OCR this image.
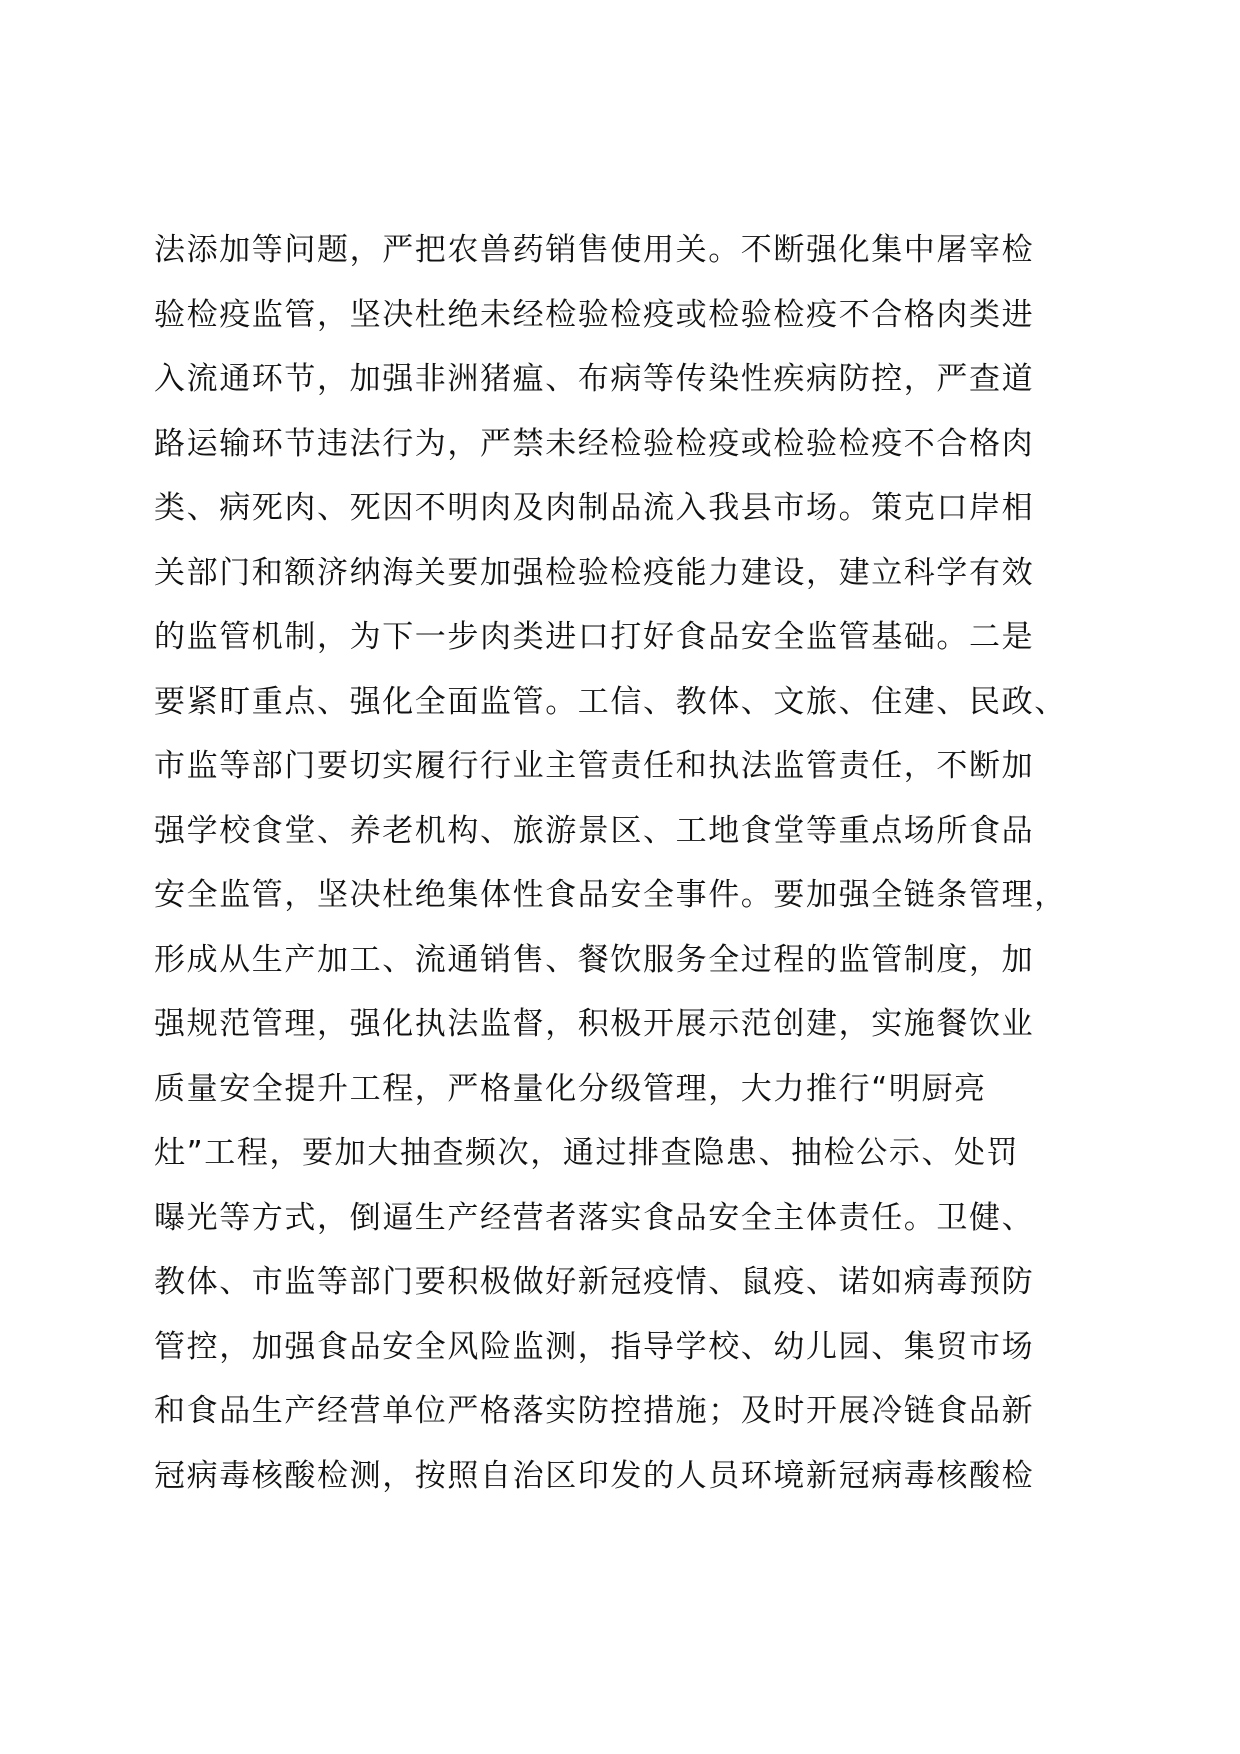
法添加等问题，严把农兽药销售使用关。不断强化集中屠宰检
验检疫监管，坚决杜绝未经检验检疫或检验检疫不合格肉类进
入流通环节，加强非洲猪瘟、布病等传染性疾病防控，严查道
路运输环节违法行为，严禁未经检验检疫或检验检疫不合格肉
类、病死肉、死因不明肉及肉制品流入我县市场。策克口岸相
关部门和额济纳海关要加强检验检疫能力建设，建立科学有效
的监管机制，为下一步肉类进口打好食品安全监管基础。二是
要紧盯重点、强化全面监管。工信、教体、文旅、住建、民政、
市监等部门要切实履行行业主管责任和执法监管责任，不断加
强学校食堂、养老机构、旅游景区、工地食堂等重点场所食品
安全监管，坚决杜绝集体性食品安全事件。要加强全链条管理，
形成从生产加工、流通销售、餐饮服务全过程的监管制度，加
强规范管理，强化执法监督，积极开展示范创建，实施餐饮业
质量安全提升工程，严格量化分级管理，大力推行“明厨亮
灶”工程，要加大抽查频次，通过排查隐患、抽检公示、处罚
曝光等方式，倒逼生产经营者落实食品安全主体责任。卫健、
教体、市监等部门要积极做好新冠疫情、鼠疫、诺如病毒预防
管控，加强食品安全风险监测，指导学校、幼儿园、集贸市场
和食品生产经营单位严格落实防控措施；及时开展冷链食品新
冠病毒核酸检测，按照自治区印发的人员环境新冠病毒核酸检
